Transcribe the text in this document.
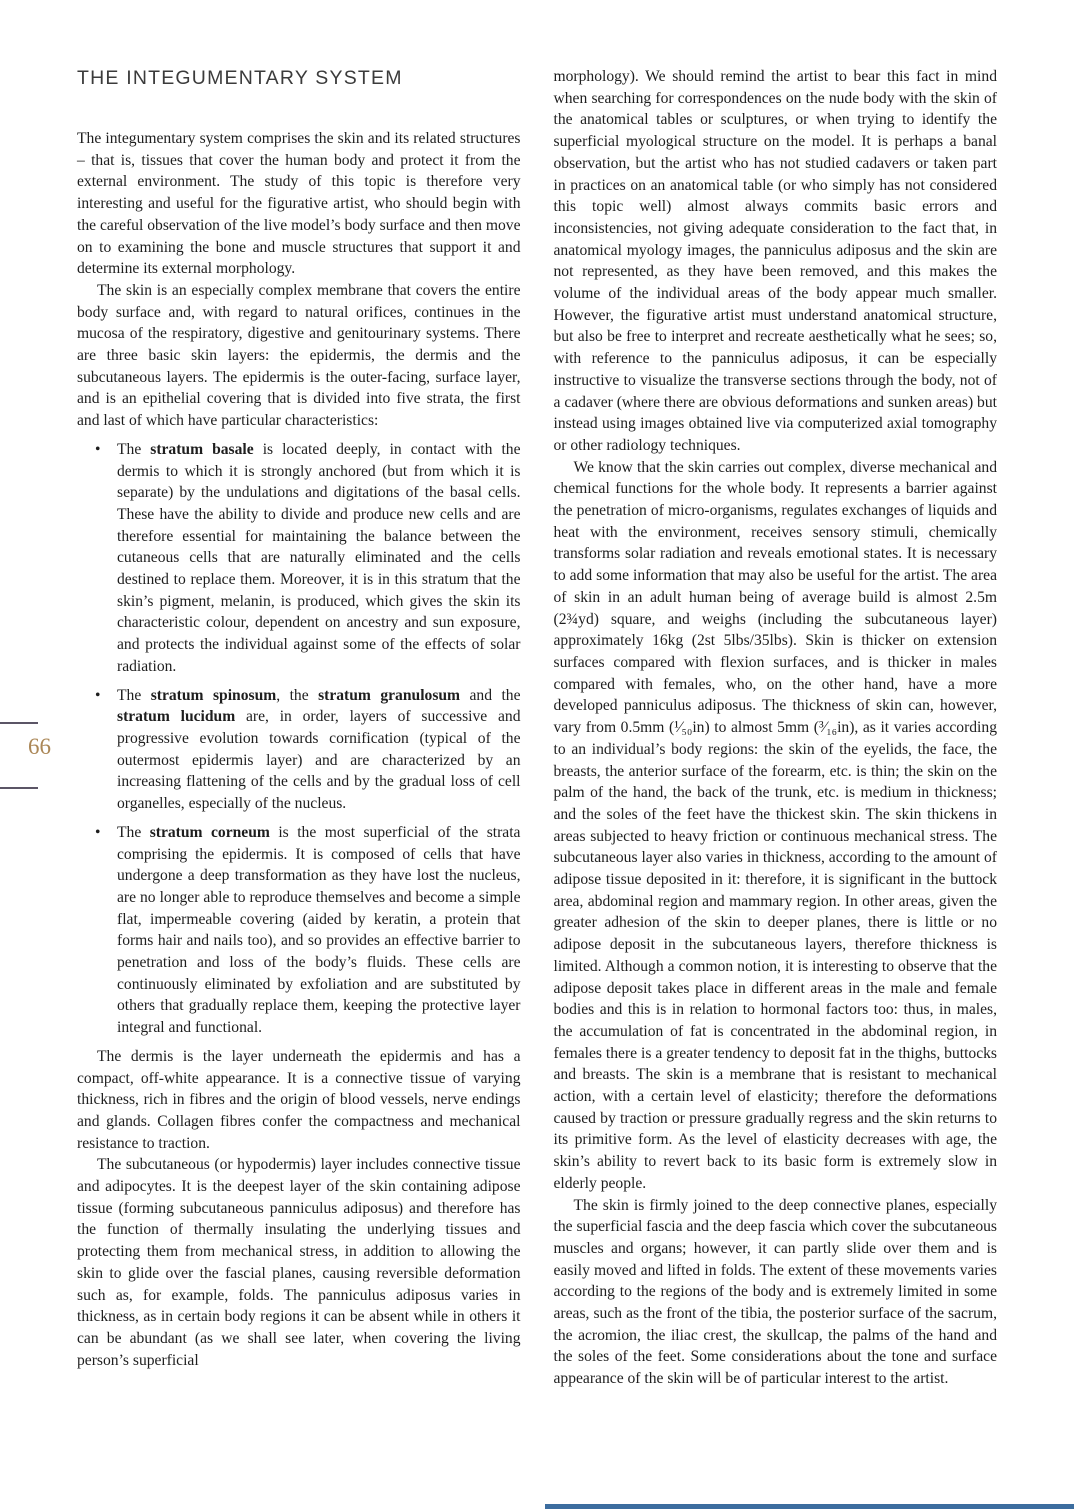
66
THE INTEGUMENTARY SYSTEM

The integumentary system comprises the skin and its related structures – that is, tissues that cover the human body and protect it from the external environment. The study of this topic is therefore very interesting and useful for the figurative artist, who should begin with the careful observation of the live model’s body surface and then move on to examining the bone and muscle structures that support it and determine its external morphology.

The skin is an especially complex membrane that covers the entire body surface and, with regard to natural orifices, continues in the mucosa of the respiratory, digestive and genitourinary systems. There are three basic skin layers: the epidermis, the dermis and the subcutaneous layers. The epidermis is the outer-facing, surface layer, and is an epithelial covering that is divided into five strata, the first and last of which have particular characteristics:

•	The stratum basale is located deeply, in contact with the dermis to which it is strongly anchored (but from which it is separate) by the undulations and digitations of the basal cells. These have the ability to divide and produce new cells and are therefore essential for maintaining the balance between the cutaneous cells that are naturally eliminated and the cells destined to replace them. Moreover, it is in this stratum that the skin’s pigment, melanin, is produced, which gives the skin its characteristic colour, dependent on ancestry and sun exposure, and protects the individual against some of the effects of solar radiation.
•	The stratum spinosum, the stratum granulosum and the stratum lucidum are, in order, layers of successive and progressive evolution towards cornification (typical of the outermost epidermis layer) and are characterized by an increasing flattening of the cells and by the gradual loss of cell organelles, especially of the nucleus.
•	The stratum corneum is the most superficial of the strata comprising the epidermis. It is composed of cells that have undergone a deep transformation as they have lost the nucleus, are no longer able to reproduce themselves and become a simple flat, impermeable covering (aided by keratin, a protein that forms hair and nails too), and so provides an effective barrier to penetration and loss of the body’s fluids. These cells are continuously eliminated by exfoliation and are substituted by others that gradually replace them, keeping the protective layer integral and functional.

The dermis is the layer underneath the epidermis and has a compact, off-white appearance. It is a connective tissue of varying thickness, rich in fibres and the origin of blood vessels, nerve endings and glands. Collagen fibres confer the compactness and mechanical resistance to traction.

The subcutaneous (or hypodermis) layer includes connective tissue and adipocytes. It is the deepest layer of the skin containing adipose tissue (forming subcutaneous panniculus adiposus) and therefore has the function of thermally insulating the underlying tissues and protecting them from mechanical stress, in addition to allowing the skin to glide over the fascial planes, causing reversible deformation such as, for example, folds. The panniculus adiposus varies in thickness, as in certain body regions it can be absent while in others it can be abundant (as we shall see later, when covering the living person’s superficial

morphology). We should remind the artist to bear this fact in mind when searching for correspondences on the nude body with the skin of the anatomical tables or sculptures, or when trying to identify the superficial myological structure on the model. It is perhaps a banal observation, but the artist who has not studied cadavers or taken part in practices on an anatomical table (or who simply has not considered this topic well) almost always commits basic errors and inconsistencies, not giving adequate consideration to the fact that, in anatomical myology images, the panniculus adiposus and the skin are not represented, as they have been removed, and this makes the volume of the individual areas of the body appear much smaller. However, the figurative artist must understand anatomical structure, but also be free to interpret and recreate aesthetically what he sees; so, with reference to the panniculus adiposus, it can be especially instructive to visualize the transverse sections through the body, not of a cadaver (where there are obvious deformations and sunken areas) but instead using images obtained live via computerized axial tomography or other radiology techniques.

We know that the skin carries out complex, diverse mechanical and chemical functions for the whole body. It represents a barrier against the penetration of micro-organisms, regulates exchanges of liquids and heat with the environment, receives sensory stimuli, chemically transforms solar radiation and reveals emotional states. It is necessary to add some information that may also be useful for the artist. The area of skin in an adult human being of average build is almost 2.5m (2¾yd) square, and weighs (including the subcutaneous layer) approximately 16kg (2st 5lbs/35lbs). Skin is thicker on extension surfaces compared with flexion surfaces, and is thicker in males compared with females, who, on the other hand, have a more developed panniculus adiposus. The thickness of skin can, however, vary from 0.5mm (¹⁄₅₀in) to almost 5mm (³⁄₁₆in), as it varies according to an individual’s body regions: the skin of the eyelids, the face, the breasts, the anterior surface of the forearm, etc. is thin; the skin on the palm of the hand, the back of the trunk, etc. is medium in thickness; and the soles of the feet have the thickest skin. The skin thickens in areas subjected to heavy friction or continuous mechanical stress. The subcutaneous layer also varies in thickness, according to the amount of adipose tissue deposited in it: therefore, it is significant in the buttock area, abdominal region and mammary region. In other areas, given the greater adhesion of the skin to deeper planes, there is little or no adipose deposit in the subcutaneous layers, therefore thickness is limited. Although a common notion, it is interesting to observe that the adipose deposit takes place in different areas in the male and female bodies and this is in relation to hormonal factors too: thus, in males, the accumulation of fat is concentrated in the abdominal region, in females there is a greater tendency to deposit fat in the thighs, buttocks and breasts. The skin is a membrane that is resistant to mechanical action, with a certain level of elasticity; therefore the deformations caused by traction or pressure gradually regress and the skin returns to its primitive form. As the level of elasticity decreases with age, the skin’s ability to revert back to its basic form is extremely slow in elderly people.

The skin is firmly joined to the deep connective planes, especially the superficial fascia and the deep fascia which cover the subcutaneous muscles and organs; however, it can partly slide over them and is easily moved and lifted in folds. The extent of these movements varies according to the regions of the body and is extremely limited in some areas, such as the front of the tibia, the posterior surface of the sacrum, the acromion, the iliac crest, the skullcap, the palms of the hand and the soles of the feet. Some considerations about the tone and surface appearance of the skin will be of particular interest to the artist.
